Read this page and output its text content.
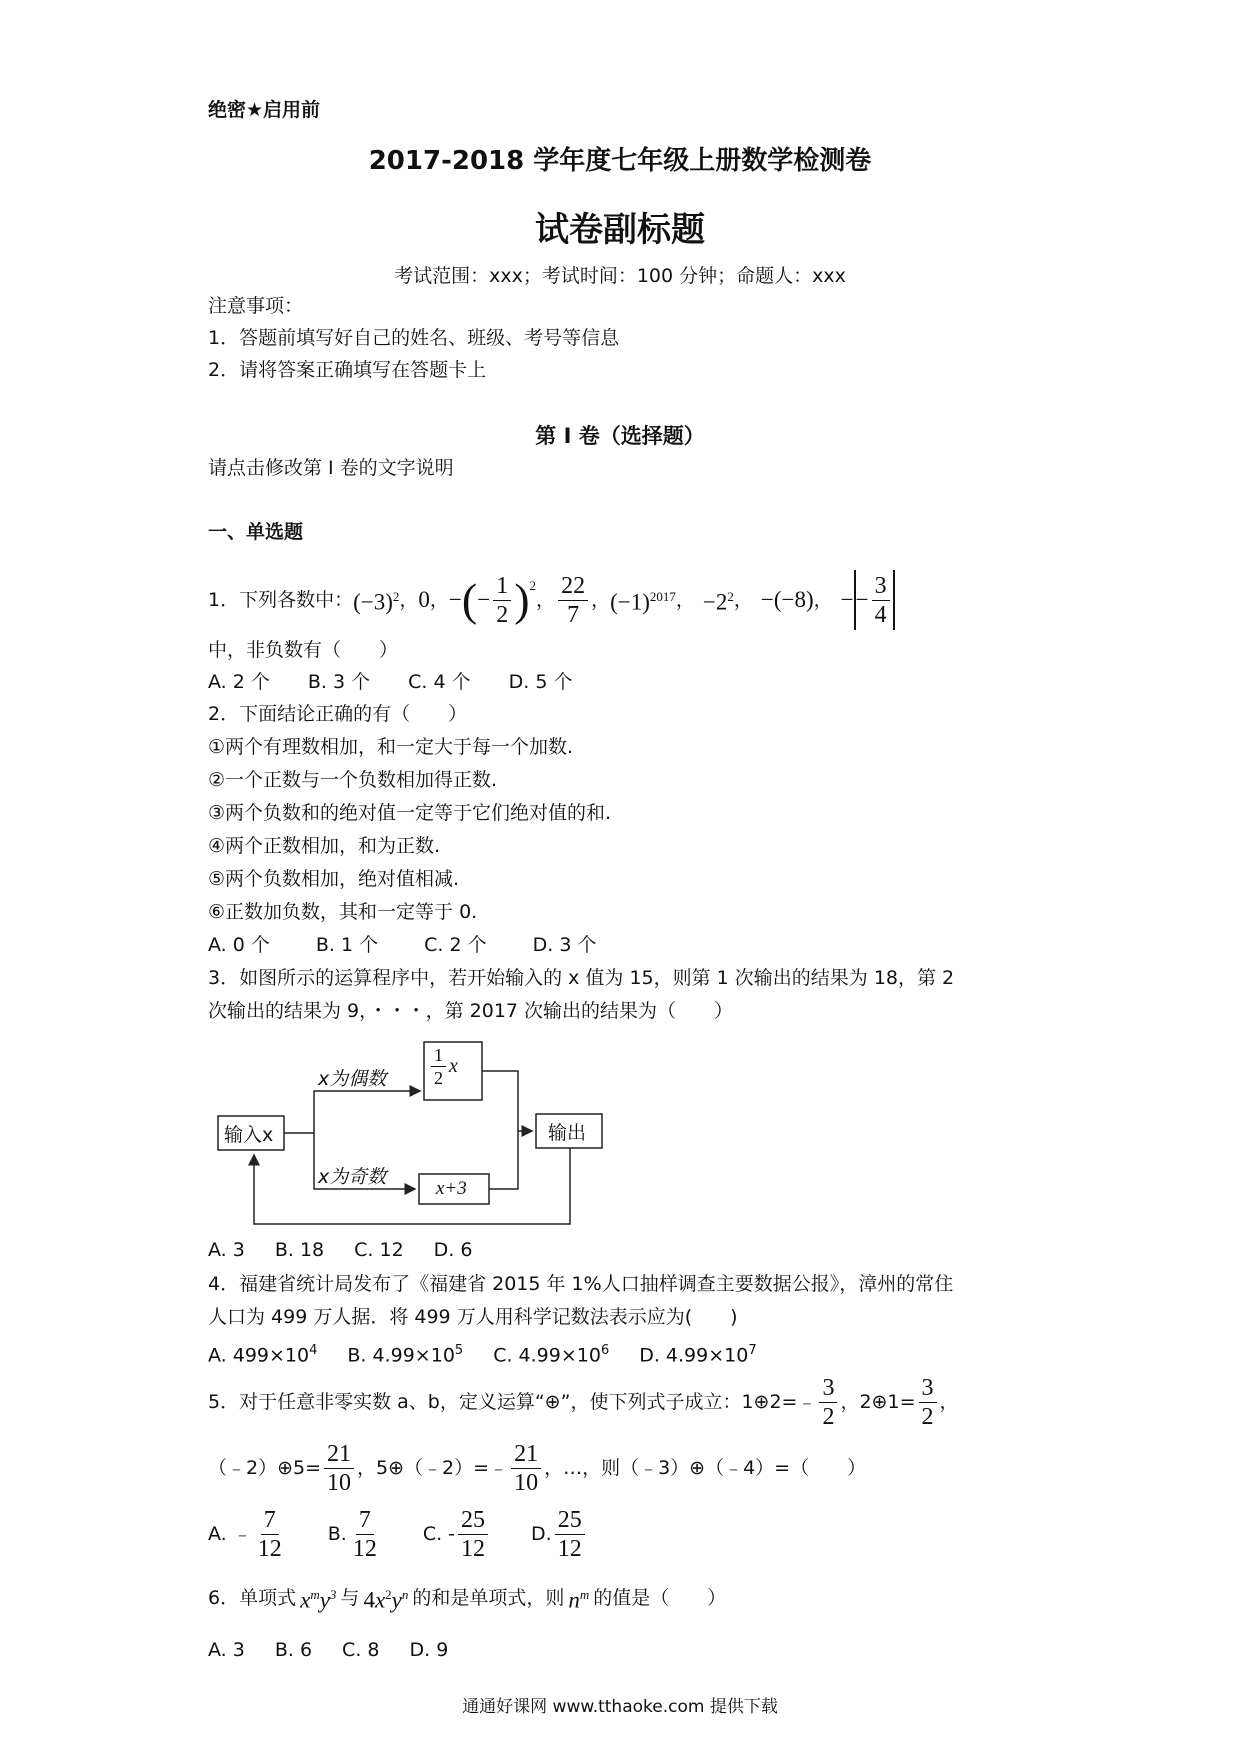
绝密★启用前
2017-2018 学年度七年级上册数学检测卷
试卷副标题
考试范围：xxx；考试时间：100 分钟；命题人：xxx
注意事项：
1．答题前填写好自己的姓名、班级、考号等信息
2．请将答案正确填写在答题卡上
第 I 卷（选择题）
请点击修改第 I 卷的文字说明
一、单选题
1．下列各数中： $(-3)^2$ ， 0 ， − ( − $\frac{1}{2} )^2$
， $\frac{22}{7}$ ， $(-1)^{2017}$ ， $-2^2$ ， −(−8) ， − − $\frac{3}{4}$
中，非负数有（　　）
A. 2 个 B. 3 个 C. 4 个 D. 5 个
2．下面结论正确的有（　　）
①两个有理数相加，和一定大于每一个加数.
②一个正数与一个负数相加得正数.
③两个负数和的绝对值一定等于它们绝对值的和.
④两个正数相加，和为正数.
⑤两个负数相加，绝对值相减.
⑥正数加负数，其和一定等于 0.
A. 0 个 B. 1 个 C. 2 个 D. 3 个
3．如图所示的运算程序中，若开始输入的 x 值为 15，则第 1 次输出的结果为 18，第 2
次输出的结果为 9，・・・，第 2017 次输出的结果为（　　）
输入x
x为偶数
x为奇数
$\frac{1}{2}$ x
x+3
输出
A. 3 B. 18 C. 12 D. 6
4．福建省统计局发布了《福建省 2015 年 1%人口抽样调查主要数据公报》，漳州的常住
人口为 499 万人据．将 499 万人用科学记数法表示应为(　　)
A. $499\times 10^4$ B. $4.99\times 10^5$ C. $4.99\times 10^6$ D. $4.99\times 10^7$
5．对于任意非零实数 a、b，定义运算“⊕”，使下列式子成立：1⊕2=﹣ $\frac{3}{2}$ ，2⊕1= $\frac{3}{2}$ ，
（﹣2）⊕5= $\frac{21}{10}$ ，5⊕（﹣2）=﹣ $\frac{21}{10}$ ，…，则（﹣3）⊕（﹣4）=（　　）
A. ﹣ $\frac{7}{12} B$. $\frac{7}{12} C$. - $\frac{25}{12} D$. $\frac{25}{12}$
6．单项式 $x^my^3$ 与 $4x^2y^n$ 的和是单项式，则 $n^m$ 的值是（　　）
A. 3 B. 6 C. 8 D. 9
通通好课网 www.tthaoke.com 提供下载
